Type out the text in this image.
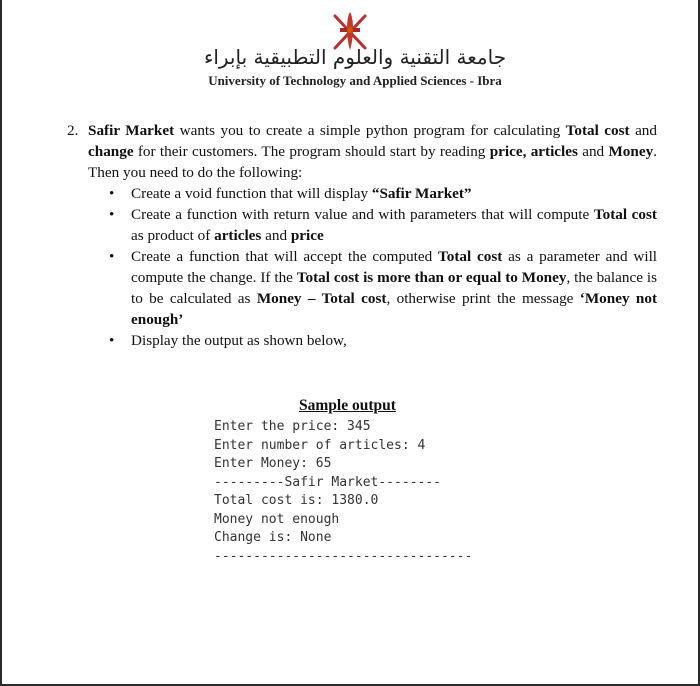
جامعة التقنية والعلوم التطبيقية بإبراء
University of Technology and Applied Sciences - Ibra
2. Safir Market wants you to create a simple python program for calculating Total cost and change for their customers. The program should start by reading price, articles and Money. Then you need to do the following:
• Create a void function that will display “Safir Market”
• Create a function with return value and with parameters that will compute Total cost as product of articles and price
• Create a function that will accept the computed Total cost as a parameter and will compute the change. If the Total cost is more than or equal to Money, the balance is to be calculated as Money – Total cost, otherwise print the message ‘Money not enough’
• Display the output as shown below,
Sample output
Enter the price: 345
Enter number of articles: 4
Enter Money: 65
---------Safir Market--------
Total cost is: 1380.0
Money not enough
Change is: None
---------------------------------
